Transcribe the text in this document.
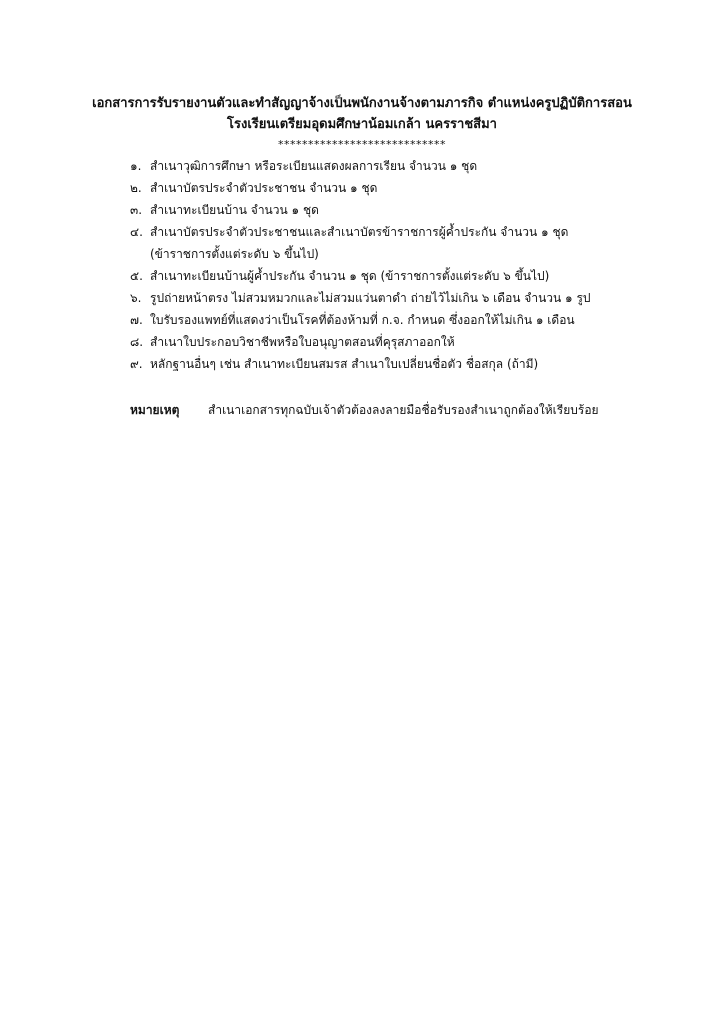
เอกสารการรับรายงานตัวและทำสัญญาจ้างเป็นพนักงานจ้างตามภารกิจ ตำแหน่งครูปฏิบัติการสอน
โรงเรียนเตรียมอุดมศึกษาน้อมเกล้า นครราชสีมา
****************************
๑. สำเนาวุฒิการศึกษา หรือระเบียนแสดงผลการเรียน จำนวน ๑ ชุด
๒. สำเนาบัตรประจำตัวประชาชน จำนวน ๑ ชุด
๓. สำเนาทะเบียนบ้าน จำนวน ๑ ชุด
๔. สำเนาบัตรประจำตัวประชาชนและสำเนาบัตรข้าราชการผู้ค้ำประกัน จำนวน ๑ ชุด
(ข้าราชการตั้งแต่ระดับ ๖ ขึ้นไป)
๕. สำเนาทะเบียนบ้านผู้ค้ำประกัน จำนวน ๑ ชุด (ข้าราชการตั้งแต่ระดับ ๖ ขึ้นไป)
๖. รูปถ่ายหน้าตรง ไม่สวมหมวกและไม่สวมแว่นตาดำ ถ่ายไว้ไม่เกิน ๖ เดือน จำนวน ๑ รูป
๗. ใบรับรองแพทย์ที่แสดงว่าเป็นโรคที่ต้องห้ามที่ ก.จ. กำหนด ซึ่งออกให้ไม่เกิน ๑ เดือน
๘. สำเนาใบประกอบวิชาชีพหรือใบอนุญาตสอนที่คุรุสภาออกให้
๙. หลักฐานอื่นๆ เช่น สำเนาทะเบียนสมรส สำเนาใบเปลี่ยนชื่อตัว ชื่อสกุล (ถ้ามี)
หมายเหตุ	สำเนาเอกสารทุกฉบับเจ้าตัวต้องลงลายมือชื่อรับรองสำเนาถูกต้องให้เรียบร้อย
